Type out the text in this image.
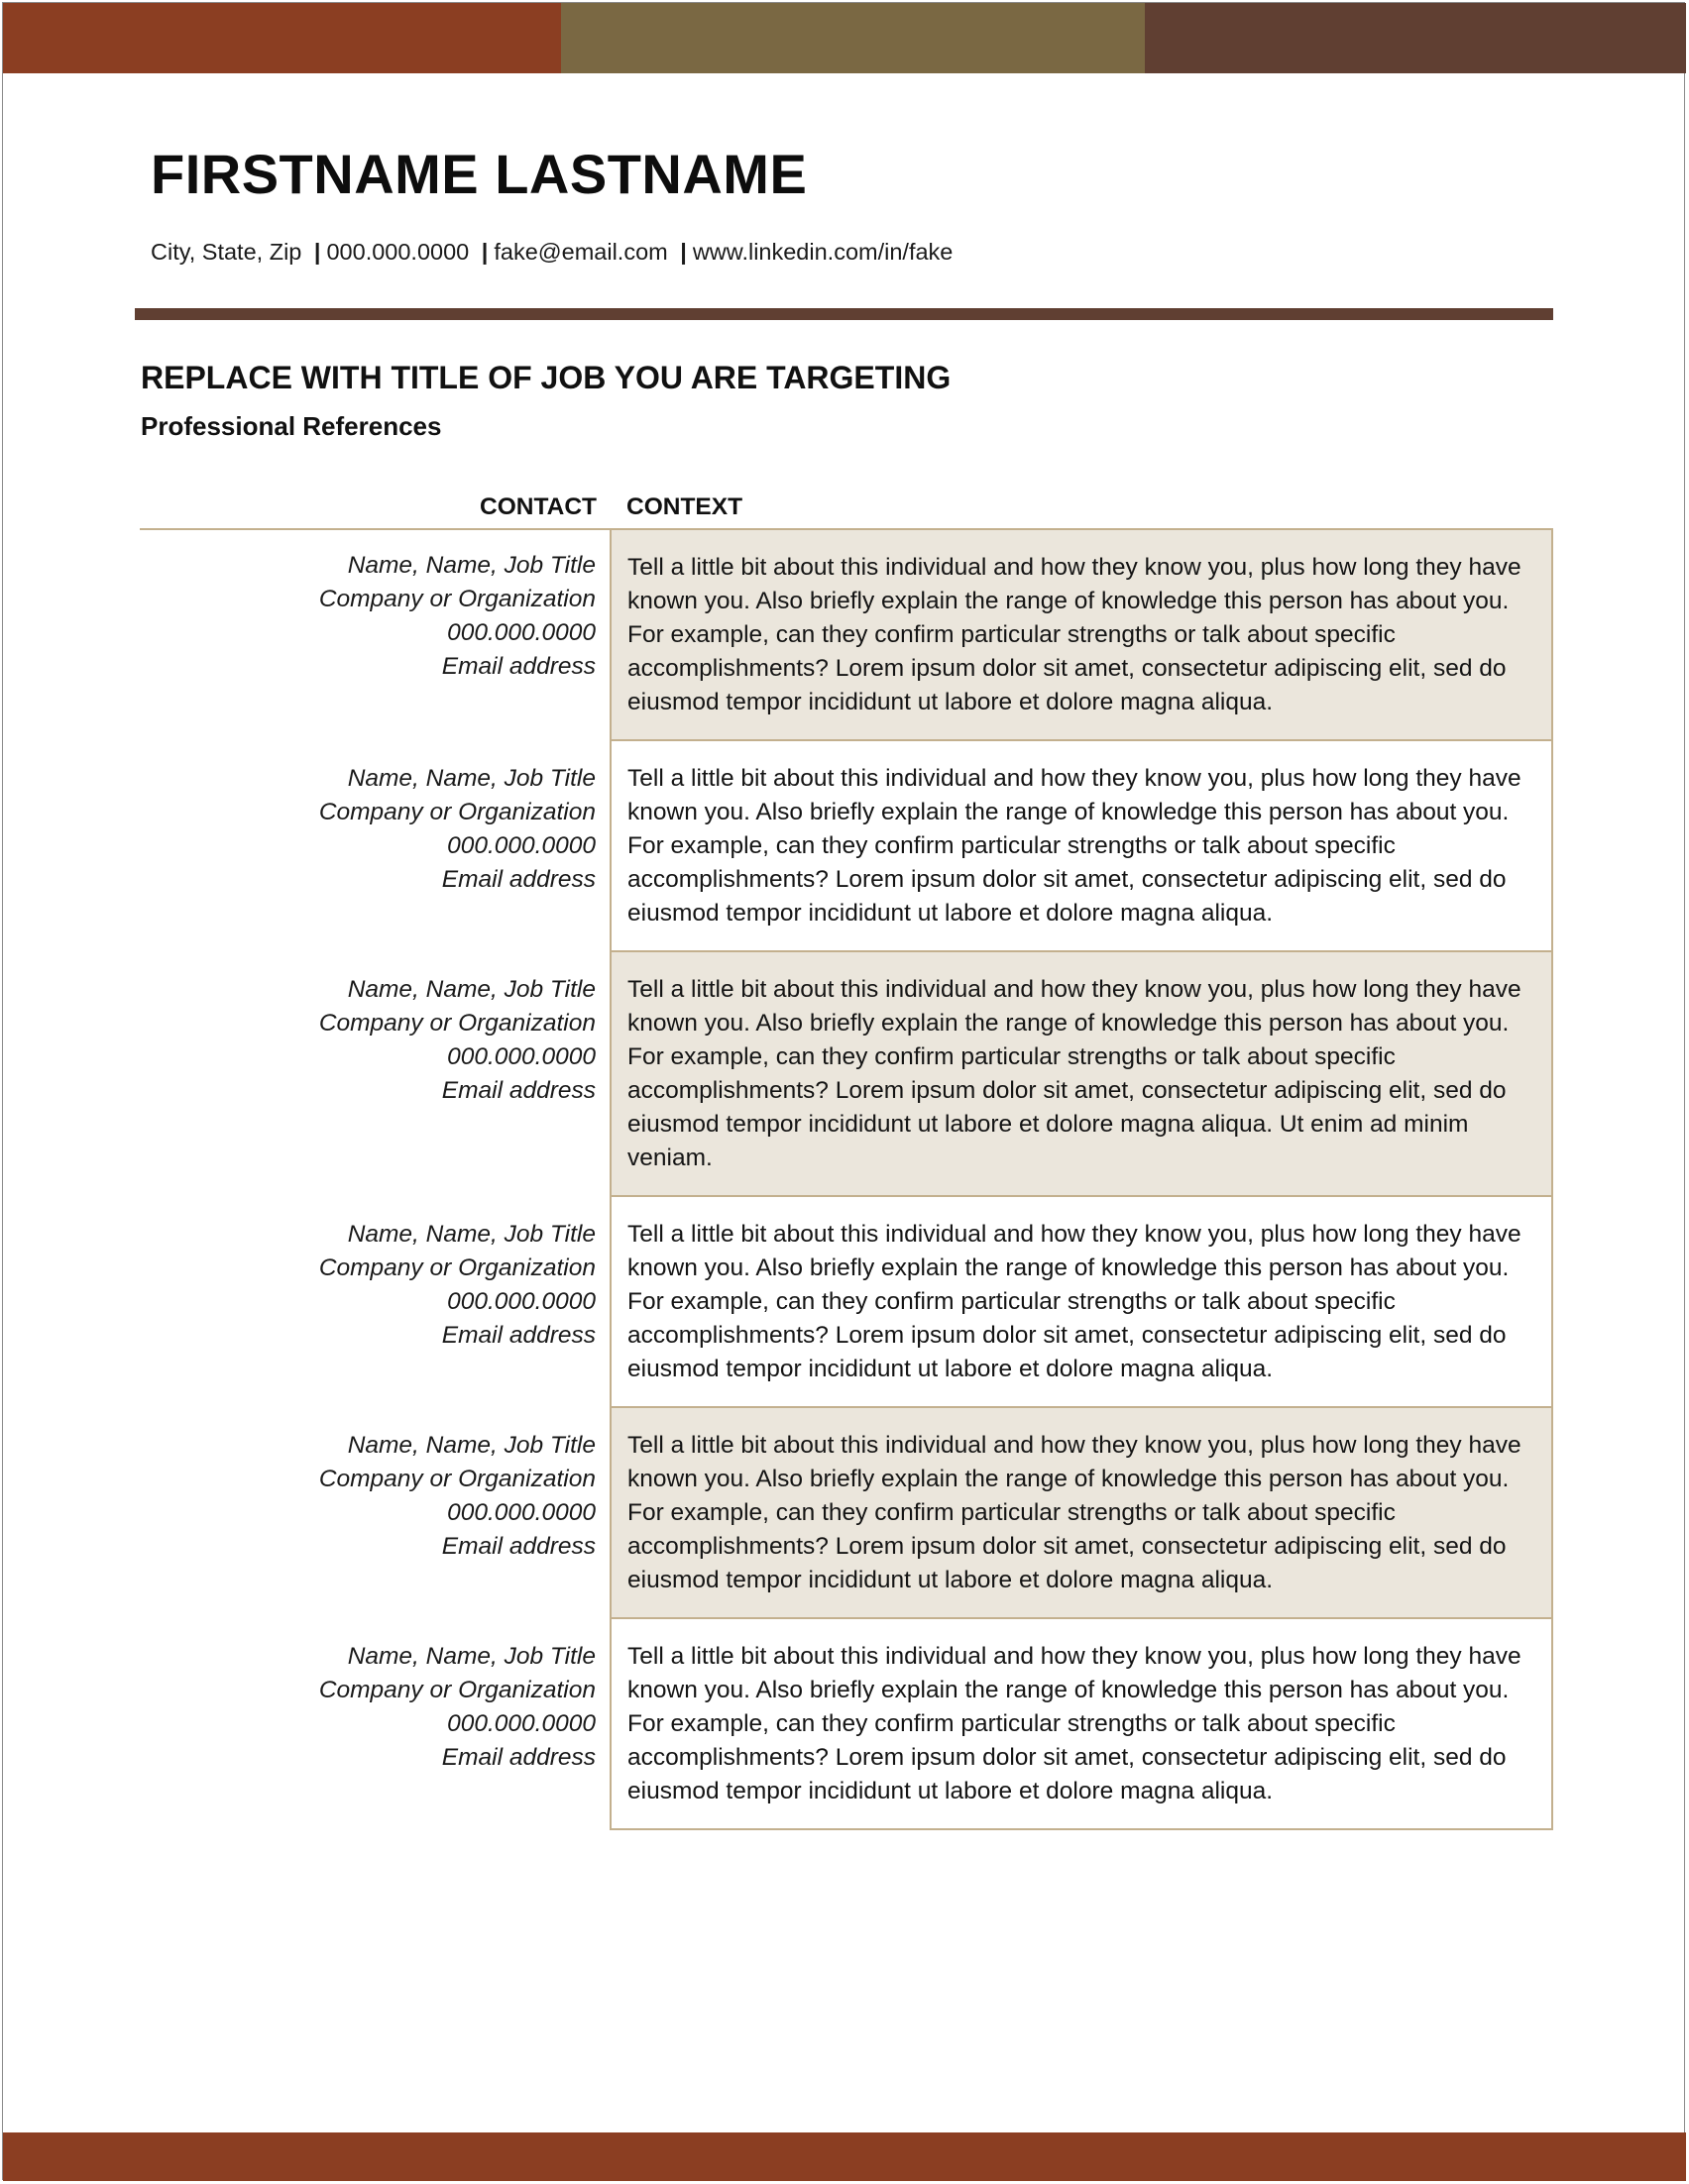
FIRSTNAME LASTNAME
City, State, Zip | 000.000.0000 | fake@email.com | www.linkedin.com/in/fake
REPLACE WITH TITLE OF JOB YOU ARE TARGETING
Professional References
CONTACT CONTEXT
Name, Name, Job Title
Company or Organization
000.000.0000
Email address
Tell a little bit about this individual and how they know you, plus how long they have known you. Also briefly explain the range of knowledge this person has about you. For example, can they confirm particular strengths or talk about specific accomplishments? Lorem ipsum dolor sit amet, consectetur adipiscing elit, sed do eiusmod tempor incididunt ut labore et dolore magna aliqua.
Name, Name, Job Title
Company or Organization
000.000.0000
Email address
Tell a little bit about this individual and how they know you, plus how long they have known you. Also briefly explain the range of knowledge this person has about you. For example, can they confirm particular strengths or talk about specific accomplishments? Lorem ipsum dolor sit amet, consectetur adipiscing elit, sed do eiusmod tempor incididunt ut labore et dolore magna aliqua.
Name, Name, Job Title
Company or Organization
000.000.0000
Email address
Tell a little bit about this individual and how they know you, plus how long they have known you. Also briefly explain the range of knowledge this person has about you. For example, can they confirm particular strengths or talk about specific accomplishments? Lorem ipsum dolor sit amet, consectetur adipiscing elit, sed do eiusmod tempor incididunt ut labore et dolore magna aliqua. Ut enim ad minim veniam.
Name, Name, Job Title
Company or Organization
000.000.0000
Email address
Tell a little bit about this individual and how they know you, plus how long they have known you. Also briefly explain the range of knowledge this person has about you. For example, can they confirm particular strengths or talk about specific accomplishments? Lorem ipsum dolor sit amet, consectetur adipiscing elit, sed do eiusmod tempor incididunt ut labore et dolore magna aliqua.
Name, Name, Job Title
Company or Organization
000.000.0000
Email address
Tell a little bit about this individual and how they know you, plus how long they have known you. Also briefly explain the range of knowledge this person has about you. For example, can they confirm particular strengths or talk about specific accomplishments? Lorem ipsum dolor sit amet, consectetur adipiscing elit, sed do eiusmod tempor incididunt ut labore et dolore magna aliqua.
Name, Name, Job Title
Company or Organization
000.000.0000
Email address
Tell a little bit about this individual and how they know you, plus how long they have known you. Also briefly explain the range of knowledge this person has about you. For example, can they confirm particular strengths or talk about specific accomplishments? Lorem ipsum dolor sit amet, consectetur adipiscing elit, sed do eiusmod tempor incididunt ut labore et dolore magna aliqua.
